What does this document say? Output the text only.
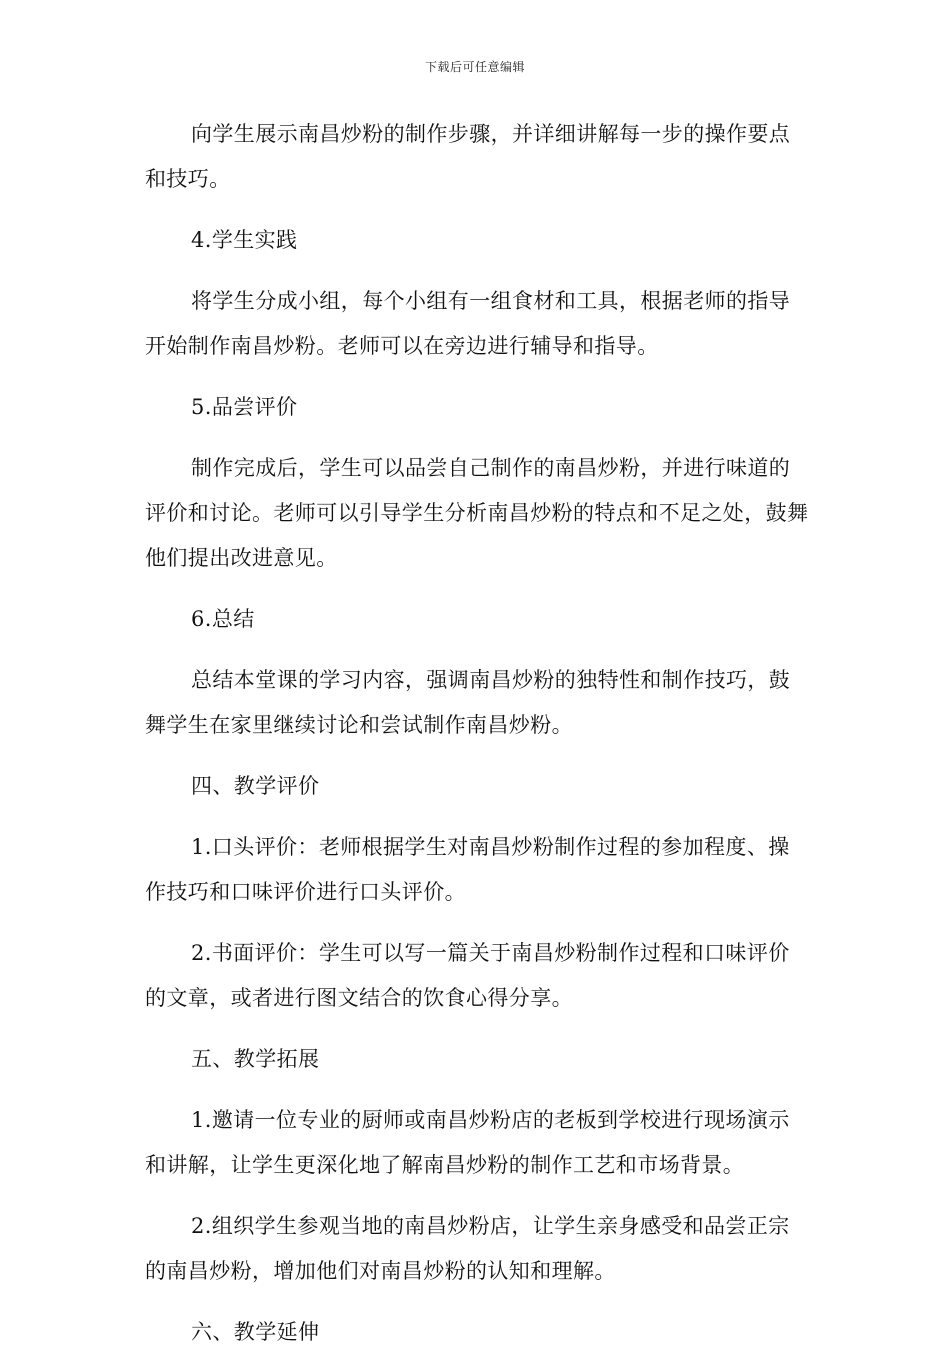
下载后可任意编辑

向学生展示南昌炒粉的制作步骤，并详细讲解每一步的操作要点和技巧。

4.学生实践

将学生分成小组，每个小组有一组食材和工具，根据老师的指导开始制作南昌炒粉。老师可以在旁边进行辅导和指导。

5.品尝评价

制作完成后，学生可以品尝自己制作的南昌炒粉，并进行味道的评价和讨论。老师可以引导学生分析南昌炒粉的特点和不足之处，鼓舞他们提出改进意见。

6.总结

总结本堂课的学习内容，强调南昌炒粉的独特性和制作技巧，鼓舞学生在家里继续讨论和尝试制作南昌炒粉。

四、教学评价

1.口头评价：老师根据学生对南昌炒粉制作过程的参加程度、操作技巧和口味评价进行口头评价。

2.书面评价：学生可以写一篇关于南昌炒粉制作过程和口味评价的文章，或者进行图文结合的饮食心得分享。

五、教学拓展

1.邀请一位专业的厨师或南昌炒粉店的老板到学校进行现场演示和讲解，让学生更深化地了解南昌炒粉的制作工艺和市场背景。

2.组织学生参观当地的南昌炒粉店，让学生亲身感受和品尝正宗的南昌炒粉，增加他们对南昌炒粉的认知和理解。

六、教学延伸
